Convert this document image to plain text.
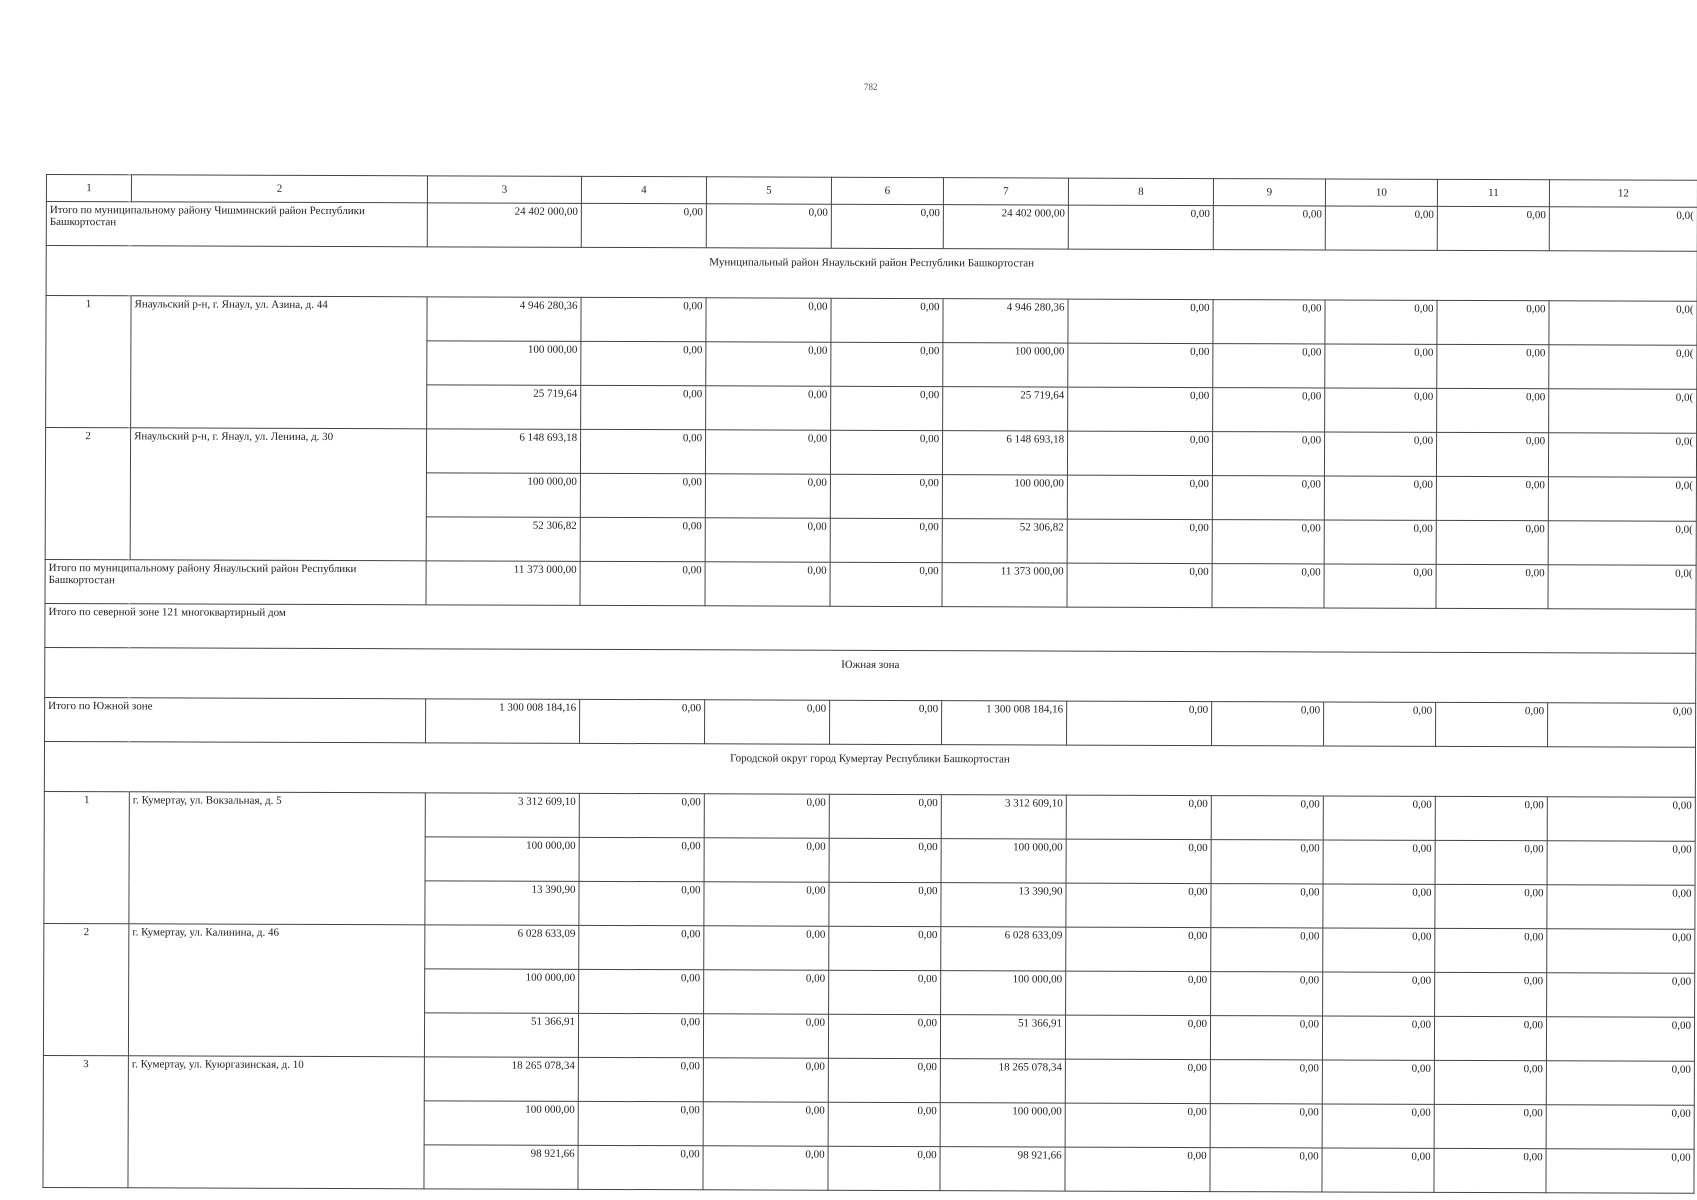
782
1	2	3	4	5	6	7	8	9	10	11	12
Итого по муниципальному району Чишминский район Республики Башкортостан		24 402 000,00	0,00	0,00	0,00	24 402 000,00	0,00	0,00	0,00	0,00	0,0(
Муниципальный район Янаульский район Республики Башкортостан											
1	Янаульский р-н, г. Янаул, ул. Азина, д. 44	4 946 280,36	0,00	0,00	0,00	4 946 280,36	0,00	0,00	0,00	0,00	0,0(
		100 000,00	0,00	0,00	0,00	100 000,00	0,00	0,00	0,00	0,00	0,0(
		25 719,64	0,00	0,00	0,00	25 719,64	0,00	0,00	0,00	0,00	0,0(
2	Янаульский р-н, г. Янаул, ул. Ленина, д. 30	6 148 693,18	0,00	0,00	0,00	6 148 693,18	0,00	0,00	0,00	0,00	0,0(
		100 000,00	0,00	0,00	0,00	100 000,00	0,00	0,00	0,00	0,00	0,0(
		52 306,82	0,00	0,00	0,00	52 306,82	0,00	0,00	0,00	0,00	0,0(
Итого по муниципальному району Янаульский район Республики Башкортостан		11 373 000,00	0,00	0,00	0,00	11 373 000,00	0,00	0,00	0,00	0,00	0,0(
Итого по северной зоне 121 многоквартирный дом											
Южная зона											
Итого по Южной зоне		1 300 008 184,16	0,00	0,00	0,00	1 300 008 184,16	0,00	0,00	0,00	0,00	0,00
Городской округ город Кумертау Республики Башкортостан											
1	г. Кумертау, ул. Вокзальная, д. 5	3 312 609,10	0,00	0,00	0,00	3 312 609,10	0,00	0,00	0,00	0,00	0,00
		100 000,00	0,00	0,00	0,00	100 000,00	0,00	0,00	0,00	0,00	0,00
		13 390,90	0,00	0,00	0,00	13 390,90	0,00	0,00	0,00	0,00	0,00
2	г. Кумертау, ул. Калинина, д. 46	6 028 633,09	0,00	0,00	0,00	6 028 633,09	0,00	0,00	0,00	0,00	0,00
		100 000,00	0,00	0,00	0,00	100 000,00	0,00	0,00	0,00	0,00	0,00
		51 366,91	0,00	0,00	0,00	51 366,91	0,00	0,00	0,00	0,00	0,00
3	г. Кумертау, ул. Куюргазинская, д. 10	18 265 078,34	0,00	0,00	0,00	18 265 078,34	0,00	0,00	0,00	0,00	0,00
		100 000,00	0,00	0,00	0,00	100 000,00	0,00	0,00	0,00	0,00	0,00
		98 921,66	0,00	0,00	0,00	98 921,66	0,00	0,00	0,00	0,00	0,00
